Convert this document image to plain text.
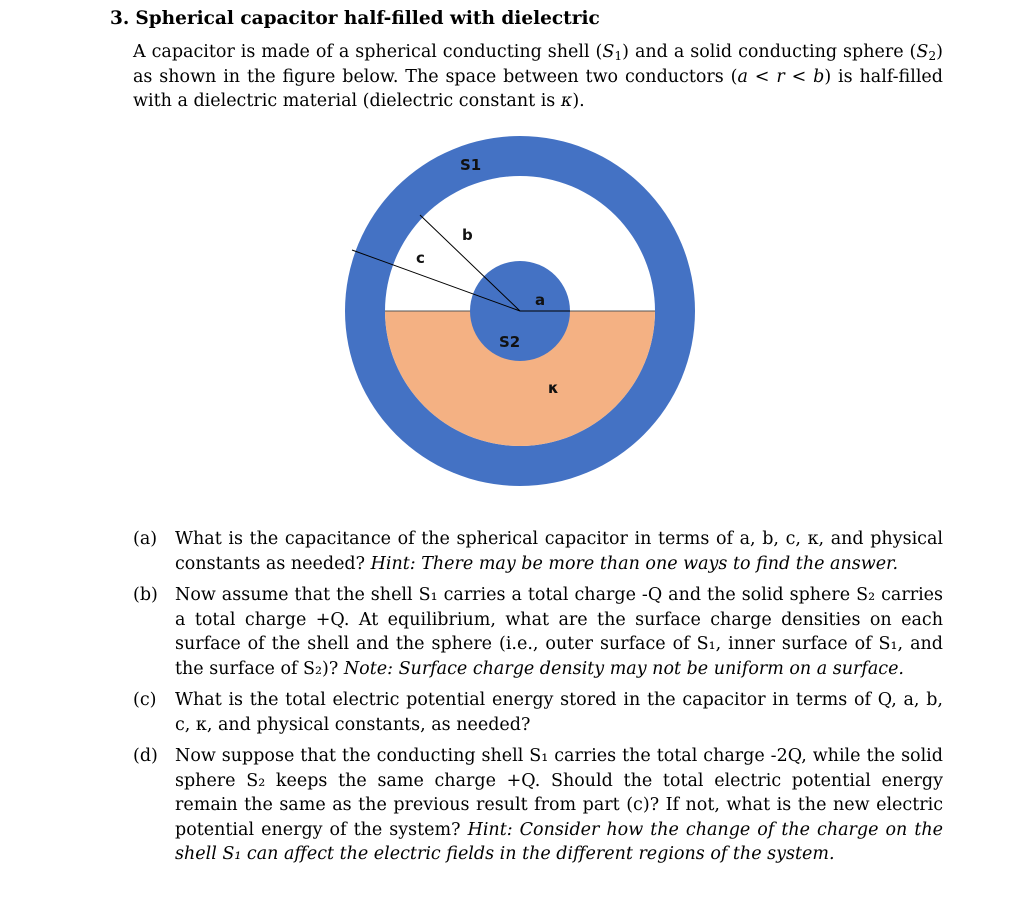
3. Spherical capacitor half-filled with dielectric
A capacitor is made of a spherical conducting shell $(S_1)$ and a solid conducting sphere $(S_2)$ as shown in the figure below. The space between two conductors (a < r < b) is half-filled with a dielectric material (dielectric constant is κ).
S1
b
c
a
S2
κ
(a)	What is the capacitance of the spherical capacitor in terms of a, b, c, κ, and physical constants as needed? Hint: There may be more than one ways to find the answer.
(b) Now assume that the shell S₁ carries a total charge -Q and the solid sphere S₂ carries a total charge +Q. At equilibrium, what are the surface charge densities on each surface of the shell and the sphere (i.e., outer surface of S₁, inner surface of S₁, and the surface of S₂)? Note: Surface charge density may not be uniform on a surface.
(c)	What is the total electric potential energy stored in the capacitor in terms of Q, a, b, c, κ, and physical constants, as needed?
(d) Now suppose that the conducting shell S₁ carries the total charge -2Q, while the solid sphere S₂ keeps the same charge +Q. Should the total electric potential energy remain the same as the previous result from part (c)? If not, what is the new electric potential energy of the system? Hint: Consider how the change of the charge on the shell S₁ can affect the electric fields in the different regions of the system.
